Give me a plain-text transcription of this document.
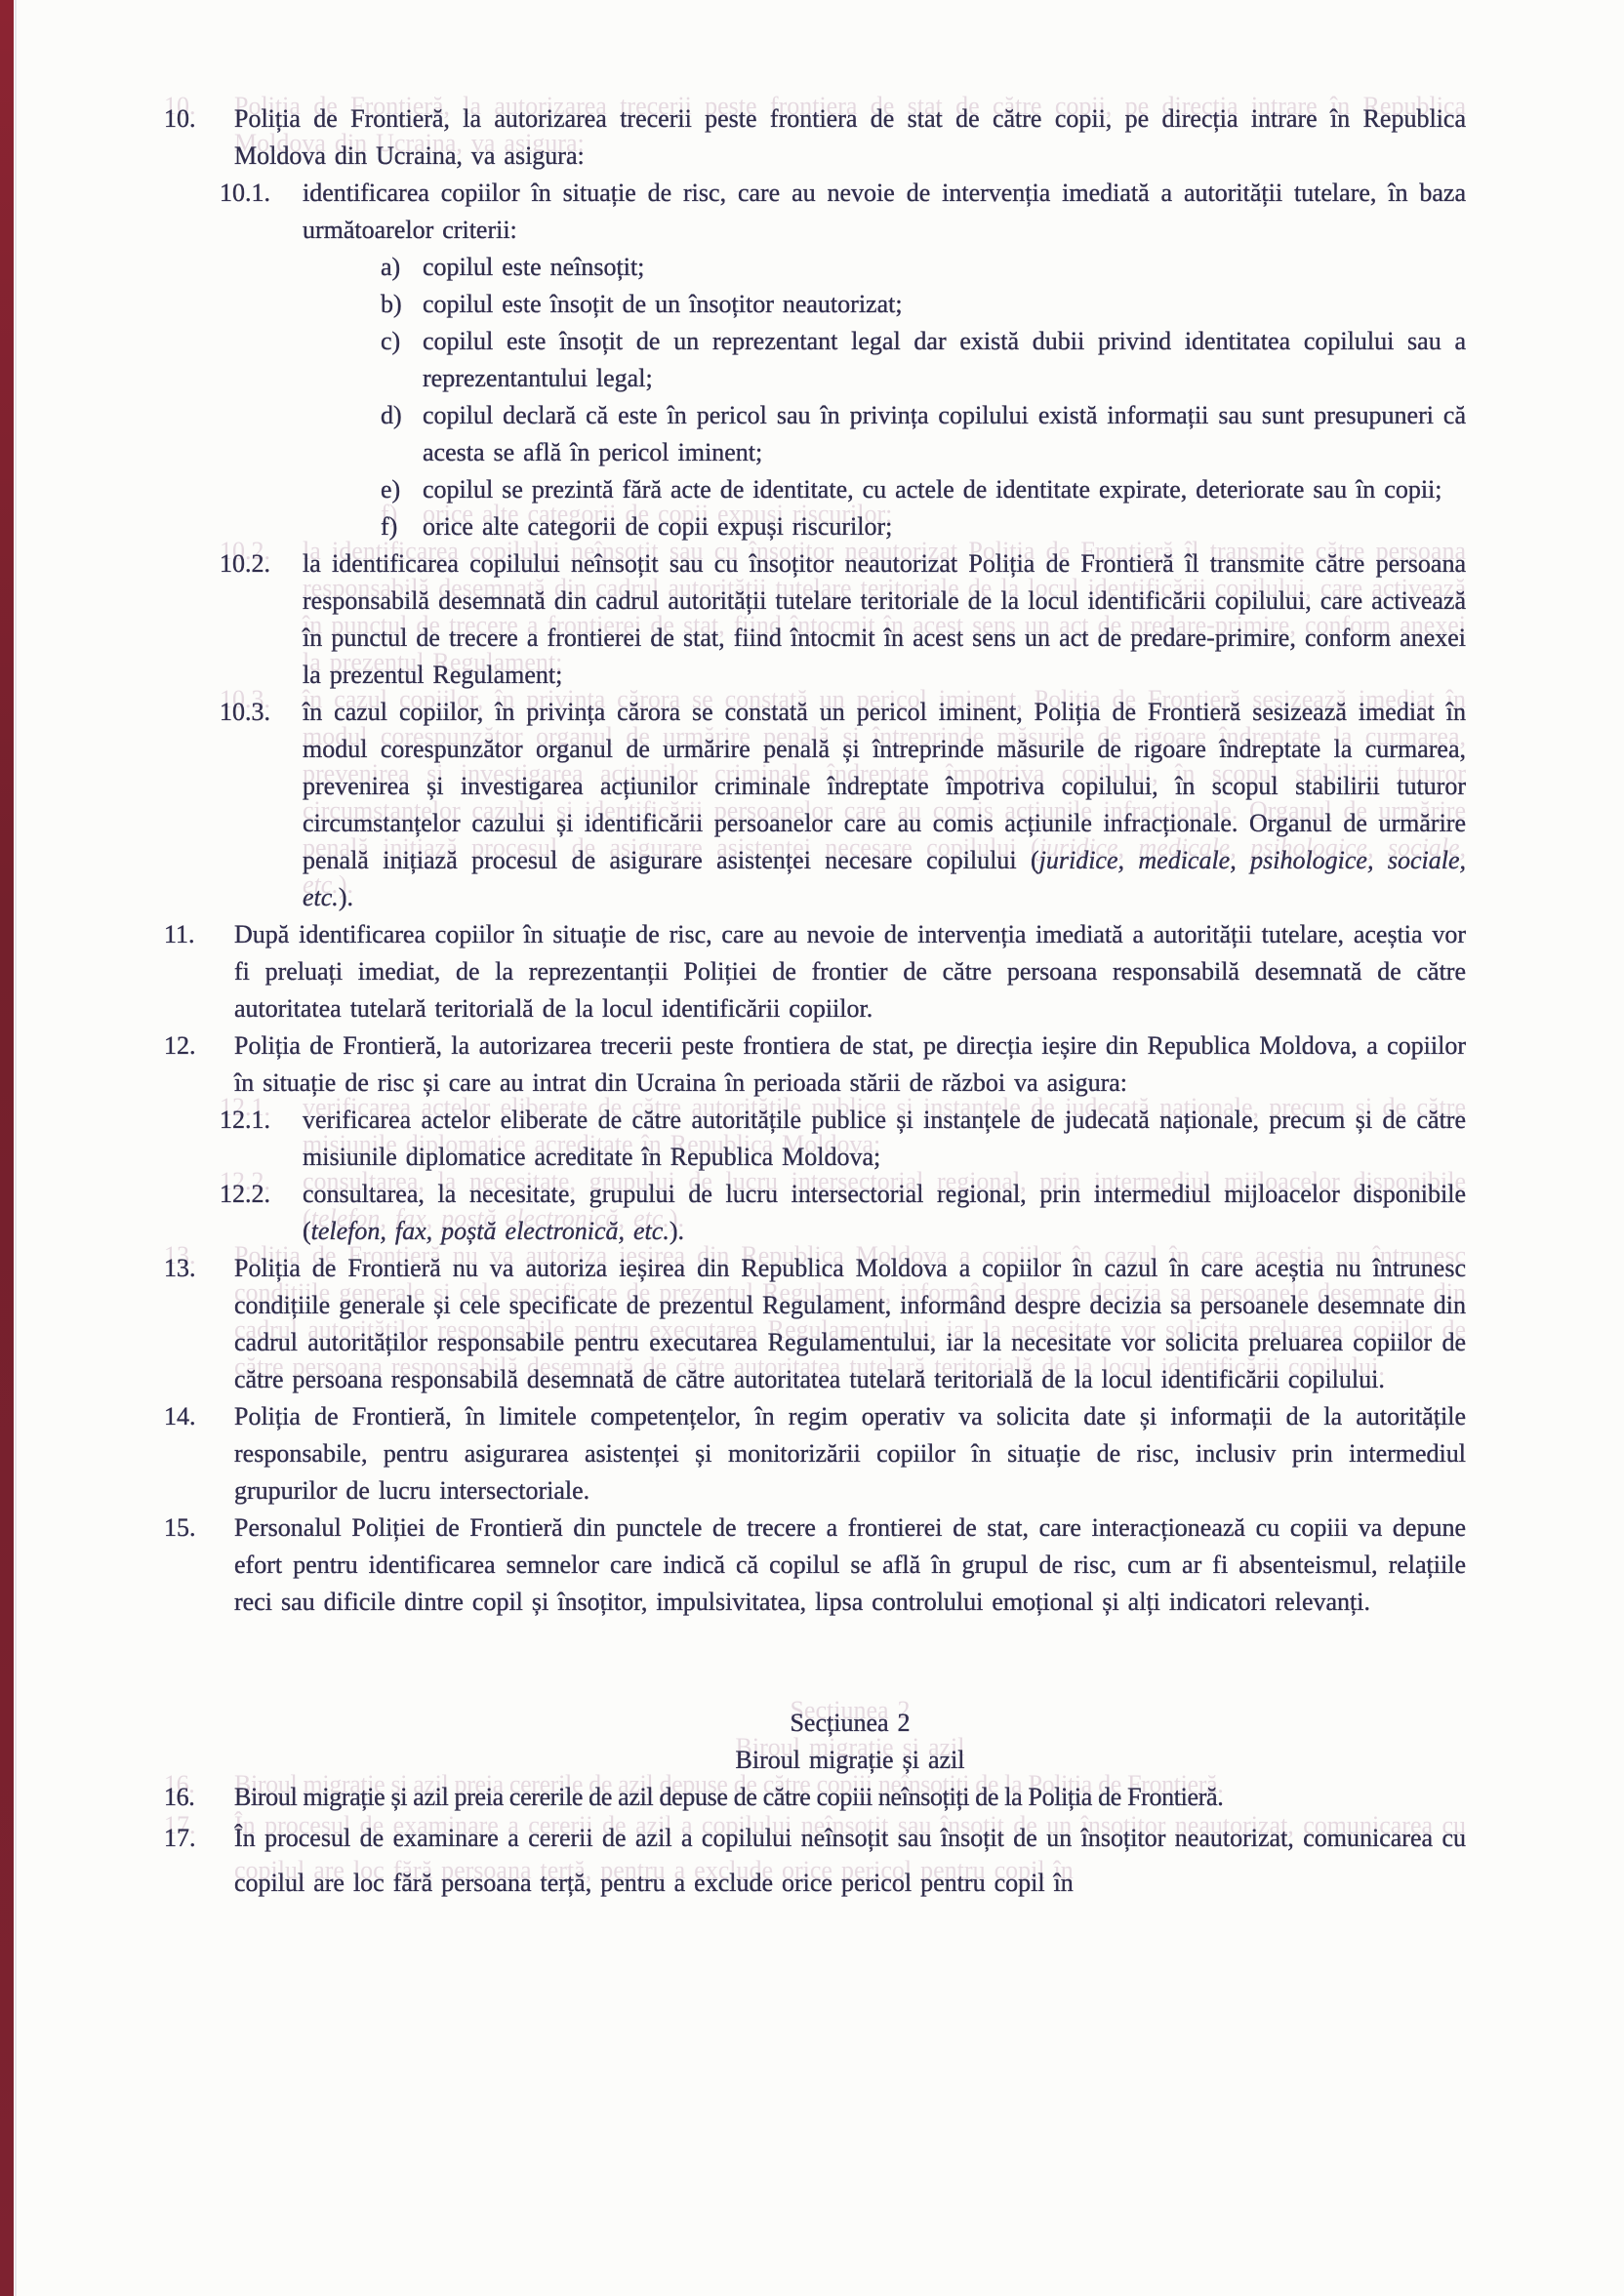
10. Poliția de Frontieră, la autorizarea trecerii peste frontiera de stat de către copii, pe direcția intrare în Republica Moldova din Ucraina, va asigura:
10.1. identificarea copiilor în situație de risc, care au nevoie de intervenția imediată a autorității tutelare, în baza următoarelor criterii:
a) copilul este neînsoțit;
b) copilul este însoțit de un însoțitor neautorizat;
c) copilul este însoțit de un reprezentant legal dar există dubii privind identitatea copilului sau a reprezentantului legal;
d) copilul declară că este în pericol sau în privința copilului există informații sau sunt presupuneri că acesta se află în pericol iminent;
e) copilul se prezintă fără acte de identitate, cu actele de identitate expirate, deteriorate sau în copii;
f) orice alte categorii de copii expuși riscurilor;
10.2. la identificarea copilului neînsoțit sau cu însoțitor neautorizat Poliția de Frontieră îl transmite către persoana responsabilă desemnată din cadrul autorității tutelare teritoriale de la locul identificării copilului, care activează în punctul de trecere a frontierei de stat, fiind întocmit în acest sens un act de predare-primire, conform anexei la prezentul Regulament;
10.3. în cazul copiilor, în privința cărora se constată un pericol iminent, Poliția de Frontieră sesizează imediat în modul corespunzător organul de urmărire penală și întreprinde măsurile de rigoare îndreptate la curmarea, prevenirea și investigarea acțiunilor criminale îndreptate împotriva copilului, în scopul stabilirii tuturor circumstanțelor cazului și identificării persoanelor care au comis acțiunile infracționale. Organul de urmărire penală inițiază procesul de asigurare asistenței necesare copilului (juridice, medicale, psihologice, sociale, etc.).
11. După identificarea copiilor în situație de risc, care au nevoie de intervenția imediată a autorității tutelare, aceștia vor fi preluați imediat, de la reprezentanții Poliției de frontier de către persoana responsabilă desemnată de către autoritatea tutelară teritorială de la locul identificării copiilor.
12. Poliția de Frontieră, la autorizarea trecerii peste frontiera de stat, pe direcția ieșire din Republica Moldova, a copiilor în situație de risc și care au intrat din Ucraina în perioada stării de război va asigura:
12.1. verificarea actelor eliberate de către autoritățile publice și instanțele de judecată naționale, precum și de către misiunile diplomatice acreditate în Republica Moldova;
12.2. consultarea, la necesitate, grupului de lucru intersectorial regional, prin intermediul mijloacelor disponibile (telefon, fax, poștă electronică, etc.).
13. Poliția de Frontieră nu va autoriza ieșirea din Republica Moldova a copiilor în cazul în care aceștia nu întrunesc condițiile generale și cele specificate de prezentul Regulament, informând despre decizia sa persoanele desemnate din cadrul autorităților responsabile pentru executarea Regulamentului, iar la necesitate vor solicita preluarea copiilor de către persoana responsabilă desemnată de către autoritatea tutelară teritorială de la locul identificării copilului.
14. Poliția de Frontieră, în limitele competențelor, în regim operativ va solicita date și informații de la autoritățile responsabile, pentru asigurarea asistenței și monitorizării copiilor în situație de risc, inclusiv prin intermediul grupurilor de lucru intersectoriale.
15. Personalul Poliției de Frontieră din punctele de trecere a frontierei de stat, care interacționează cu copiii va depune efort pentru identificarea semnelor care indică că copilul se află în grupul de risc, cum ar fi absenteismul, relațiile reci sau dificile dintre copil și însoțitor, impulsivitatea, lipsa controlului emoțional și alți indicatori relevanți.
Secțiunea 2
Biroul migrație și azil
16. Biroul migrație și azil preia cererile de azil depuse de către copiii neînsoțiți de la Poliția de Frontieră.
17. În procesul de examinare a cererii de azil a copilului neînsoțit sau însoțit de un însoțitor neautorizat, comunicarea cu copilul are loc fără persoana terță, pentru a exclude orice pericol pentru copil în
